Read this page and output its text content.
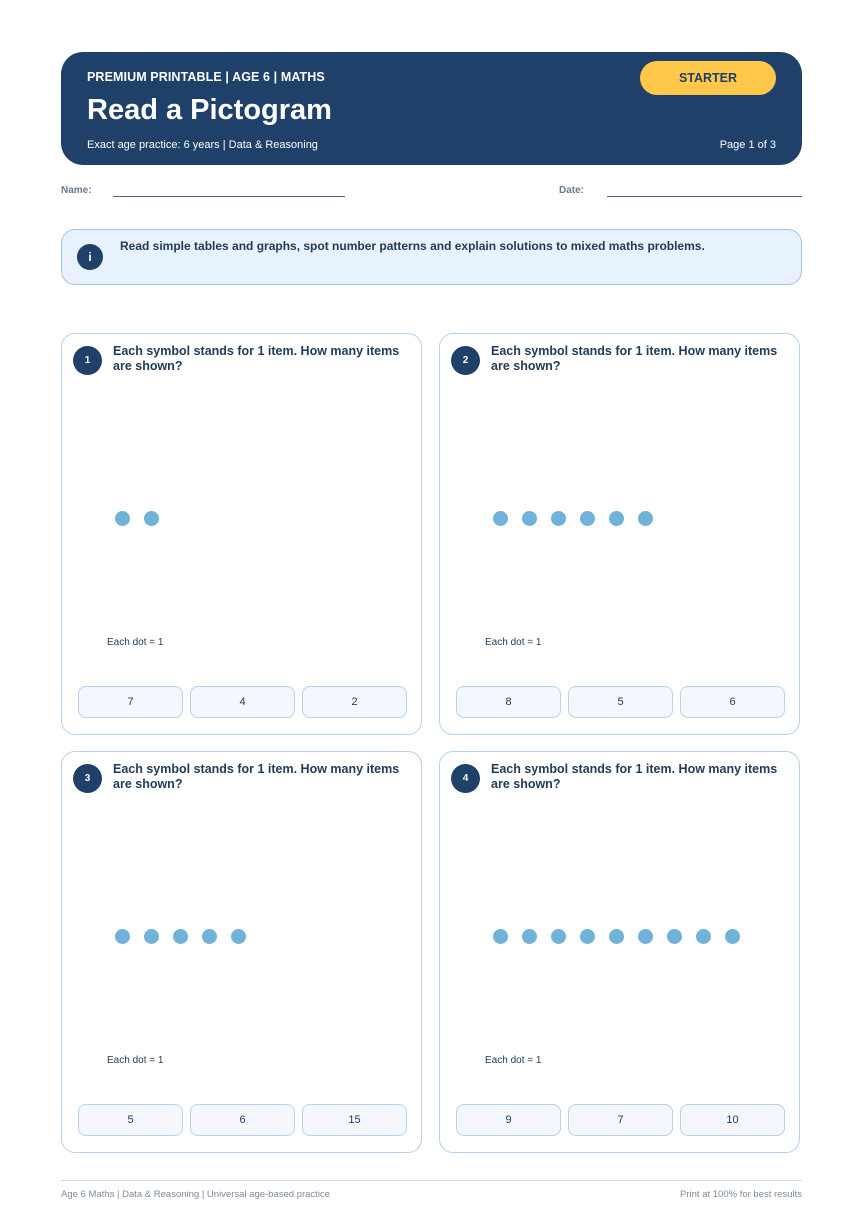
PREMIUM PRINTABLE | AGE 6 | MATHS
Read a Pictogram
Exact age practice: 6 years | Data & Reasoning	Page 1 of 3
STARTER
Name:	Date:
i
Read simple tables and graphs, spot number patterns and explain solutions to mixed maths problems.
1
Each symbol stands for 1 item. How many items are shown?
Each dot = 1
7	4	2
2
Each symbol stands for 1 item. How many items are shown?
Each dot = 1
8	5	6
3
Each symbol stands for 1 item. How many items are shown?
Each dot = 1
5	6	15
4
Each symbol stands for 1 item. How many items are shown?
Each dot = 1
9	7	10
Age 6 Maths | Data & Reasoning | Universal age-based practice	Print at 100% for best results
